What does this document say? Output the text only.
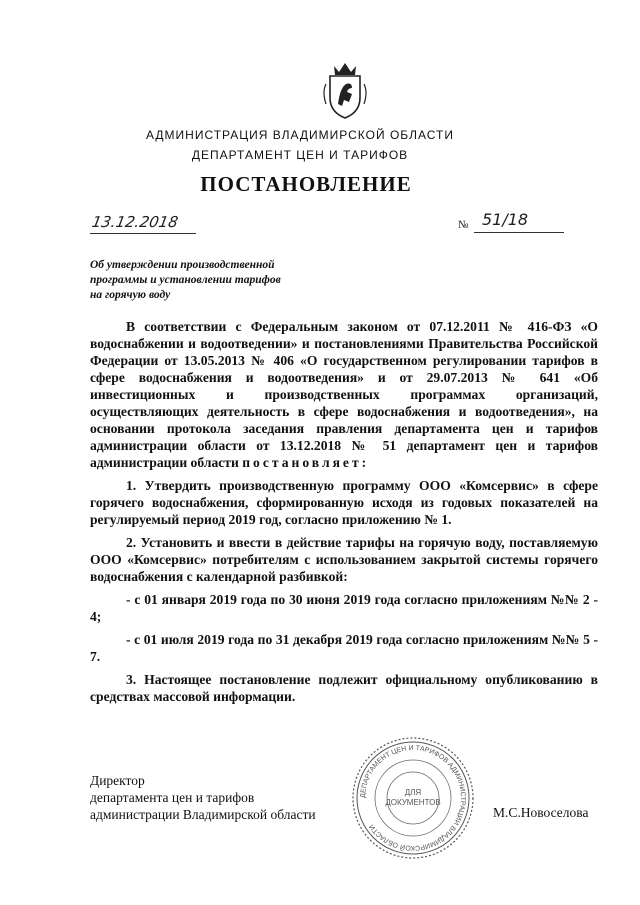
АДМИНИСТРАЦИЯ ВЛАДИМИРСКОЙ ОБЛАСТИ
ДЕПАРТАМЕНТ ЦЕН И ТАРИФОВ
ПОСТАНОВЛЕНИЕ
13.12.2018	№ 51/18
Об утверждении производственной
программы и установлении тарифов
на горячую воду

В соответствии с Федеральным законом от 07.12.2011 № 416-ФЗ «О водоснабжении и водоотведении» и постановлениями Правительства Российской Федерации от 13.05.2013 № 406 «О государственном регулировании тарифов в сфере водоснабжения и водоотведения» и от 29.07.2013 № 641 «Об инвестиционных и производственных программах организаций, осуществляющих деятельность в сфере водоснабжения и водоотведения», на основании протокола заседания правления департамента цен и тарифов администрации области от 13.12.2018 № 51 департамент цен и тарифов администрации области постановляет:

1. Утвердить производственную программу ООО «Комсервис» в сфере горячего водоснабжения, сформированную исходя из годовых показателей на регулируемый период 2019 год, согласно приложению № 1.

2. Установить и ввести в действие тарифы на горячую воду, поставляемую ООО «Комсервис» потребителям с использованием закрытой системы горячего водоснабжения с календарной разбивкой:

- с 01 января 2019 года по 30 июня 2019 года согласно приложениям №№ 2 - 4;

- с 01 июля 2019 года по 31 декабря 2019 года согласно приложениям №№ 5 - 7.

3. Настоящее постановление подлежит официальному опубликованию в средствах массовой информации.

Директор
департамента цен и тарифов
администрации Владимирской области
ДЕПАРТАМЕНТ ЦЕН И ТАРИФОВ АДМИНИСТРАЦИИ ВЛАДИМИРСКОЙ ОБЛАСТИ
ДЛЯ
ДОКУМЕНТОВ
М.С.Новоселова
